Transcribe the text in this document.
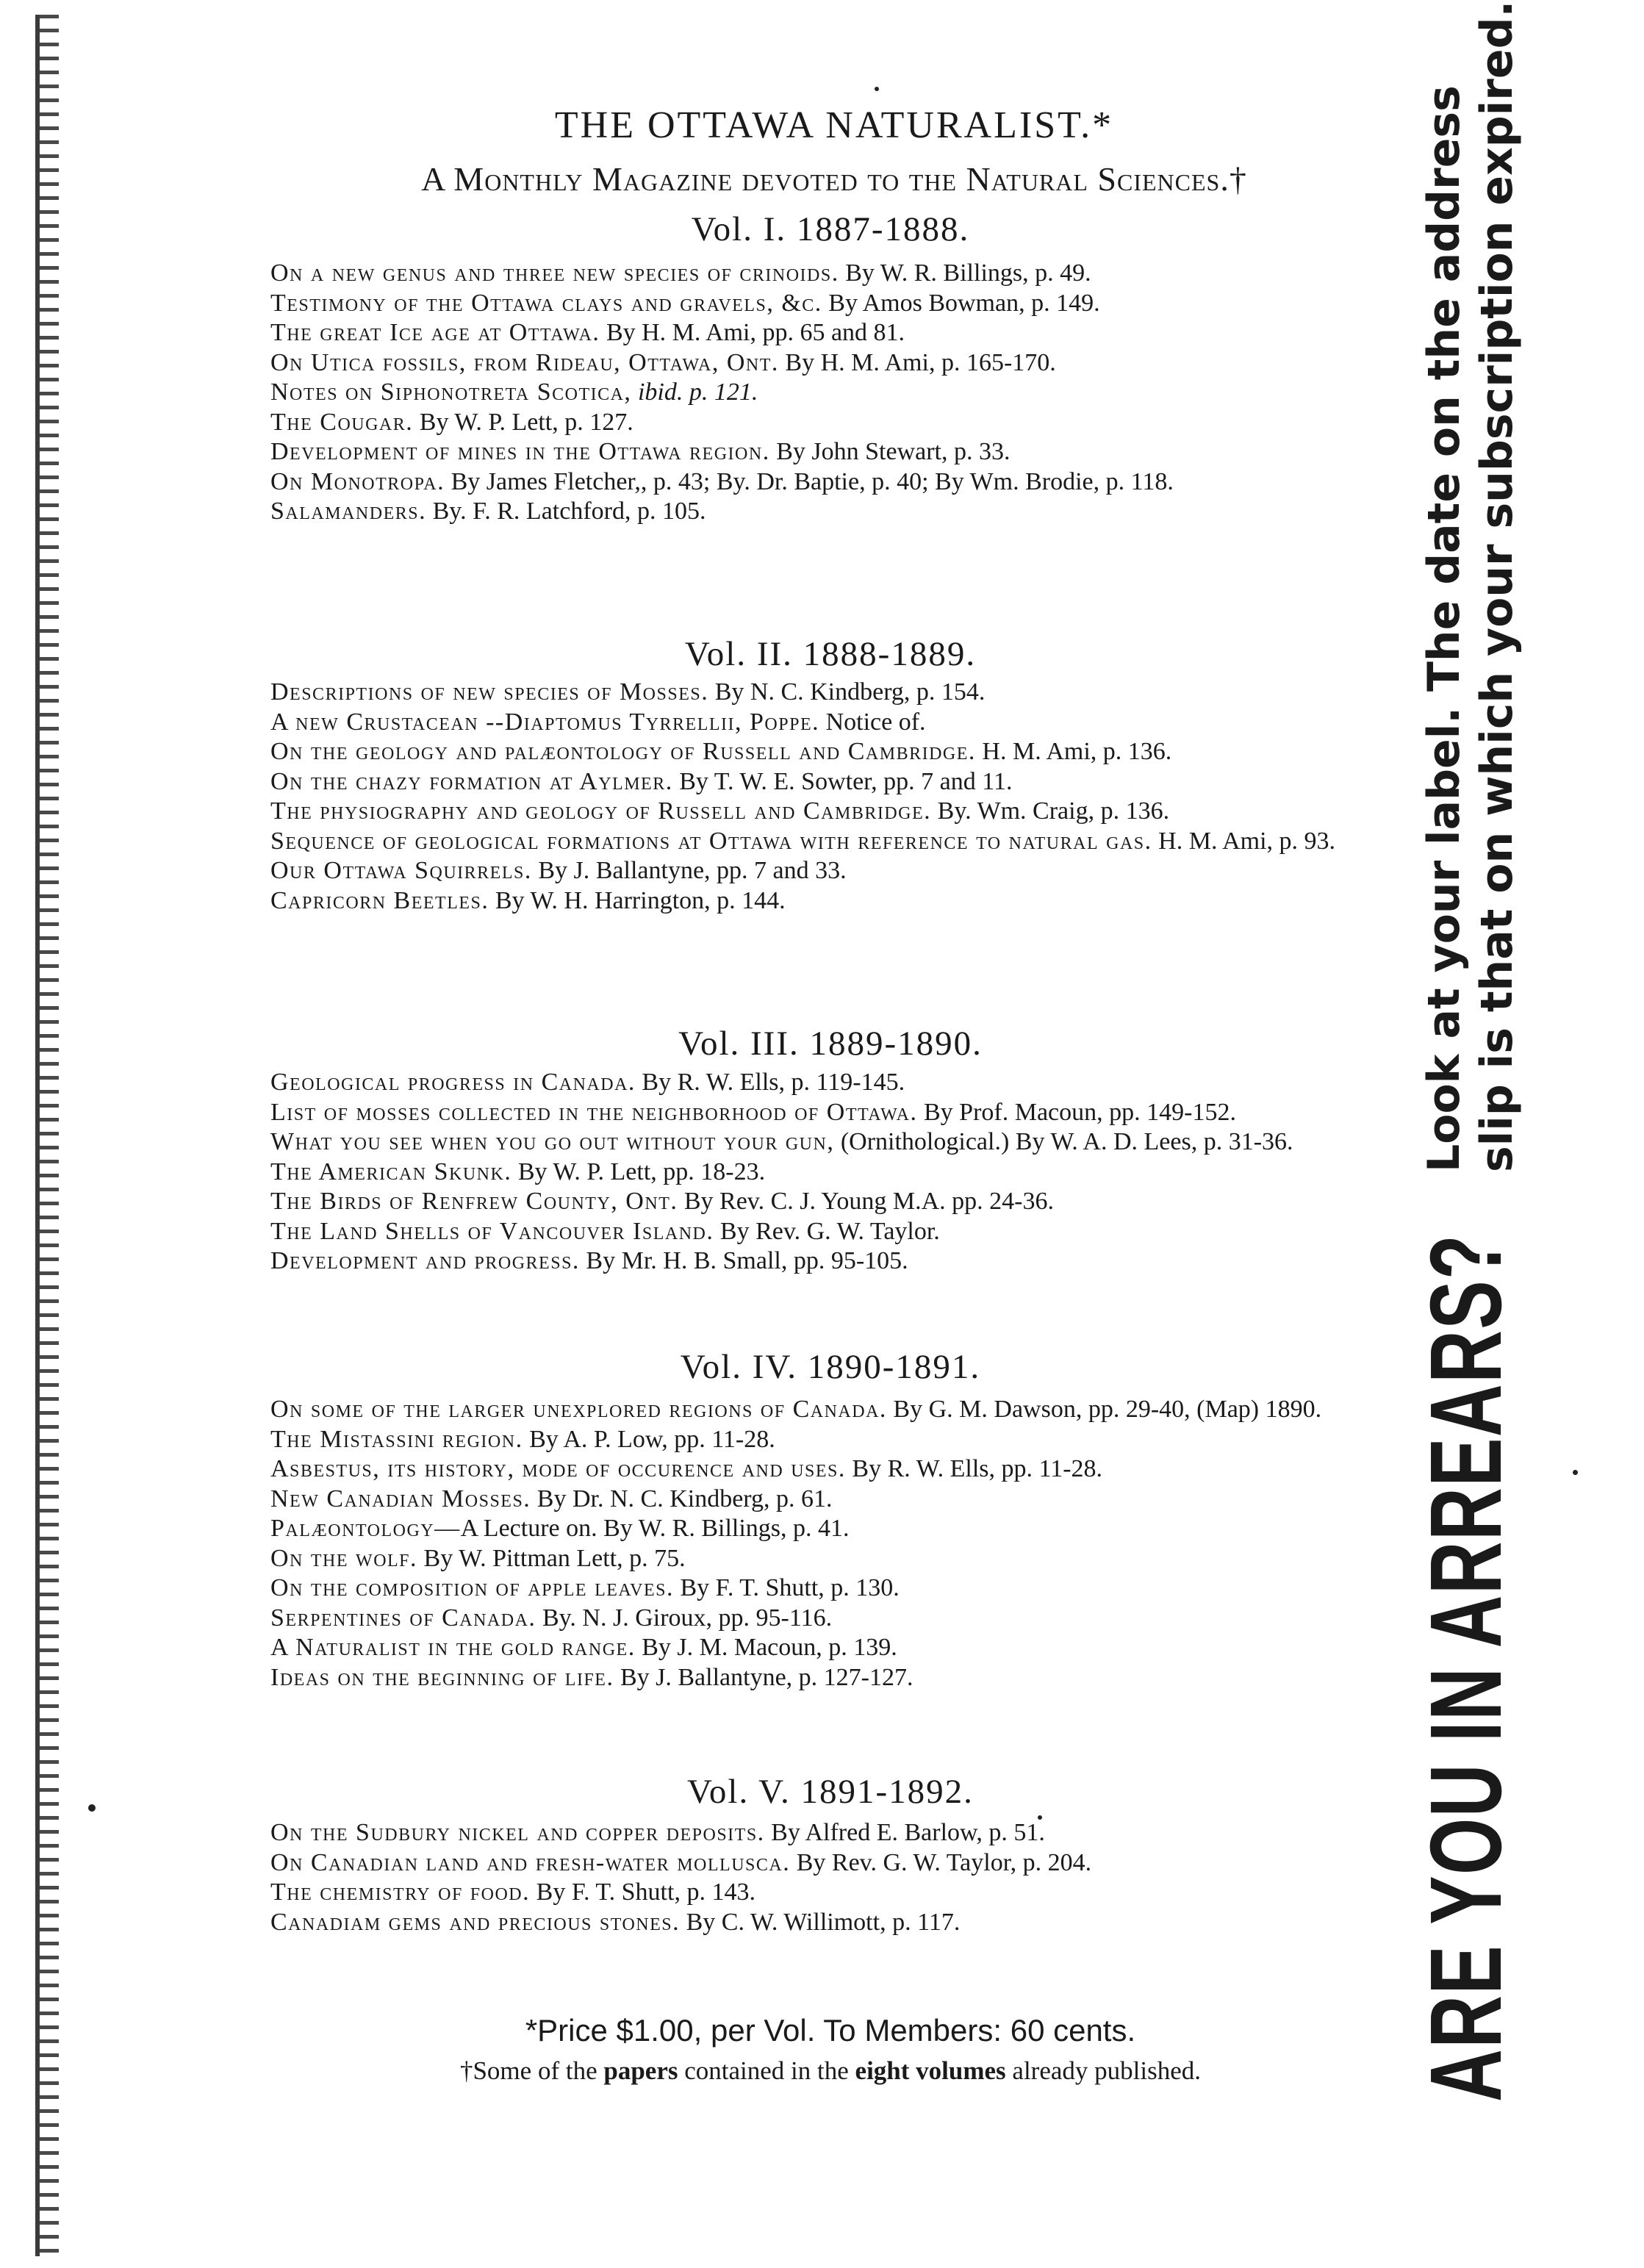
THE OTTAWA NATURALIST.*

A Monthly Magazine devoted to the Natural Sciences.†

Vol. I. 1887-1888.
On a new genus and three new species of crinoids. By W. R. Billings, p. 49.
Testimony of the Ottawa clays and gravels, &c. By Amos Bowman, p. 149.
The great Ice age at Ottawa. By H. M. Ami, pp. 65 and 81.
On Utica fossils, from Rideau, Ottawa, Ont. By H. M. Ami, p. 165-170.
Notes on Siphonotreta Scotica, ibid. p. 121.
The Cougar. By W. P. Lett, p. 127.
Development of mines in the Ottawa region. By John Stewart, p. 33.
On Monotropa. By James Fletcher,, p. 43; By. Dr. Baptie, p. 40; By Wm. Brodie, p. 118.
Salamanders. By. F. R. Latchford, p. 105.
Vol. II. 1888-1889.
Descriptions of new species of Mosses. By N. C. Kindberg, p. 154.
A new Crustacean --Diaptomus Tyrrellii, Poppe. Notice of.
On the geology and palæontology of Russell and Cambridge. H. M. Ami, p. 136.
On the chazy formation at Aylmer. By T. W. E. Sowter, pp. 7 and 11.
The physiography and geology of Russell and Cambridge. By. Wm. Craig, p. 136.
Sequence of geological formations at Ottawa with reference to natural gas. H. M. Ami, p. 93.
Our Ottawa Squirrels. By J. Ballantyne, pp. 7 and 33.
Capricorn Beetles. By W. H. Harrington, p. 144.
Vol. III. 1889-1890.
Geological progress in Canada. By R. W. Ells, p. 119-145.
List of mosses collected in the neighborhood of Ottawa. By Prof. Macoun, pp. 149-152.
What you see when you go out without your gun, (Ornithological.) By W. A. D. Lees, p. 31-36.
The American Skunk. By W. P. Lett, pp. 18-23.
The Birds of Renfrew County, Ont. By Rev. C. J. Young M.A. pp. 24-36.
The Land Shells of Vancouver Island. By Rev. G. W. Taylor.
Development and progress. By Mr. H. B. Small, pp. 95-105.
Vol. IV. 1890-1891.
On some of the larger unexplored regions of Canada. By G. M. Dawson, pp. 29-40, (Map) 1890.
The Mistassini region. By A. P. Low, pp. 11-28.
Asbestus, its history, mode of occurence and uses. By R. W. Ells, pp. 11-28.
New Canadian Mosses. By Dr. N. C. Kindberg, p. 61.
Palæontology—A Lecture on. By W. R. Billings, p. 41.
On the wolf. By W. Pittman Lett, p. 75.
On the composition of apple leaves. By F. T. Shutt, p. 130.
Serpentines of Canada. By. N. J. Giroux, pp. 95-116.
A Naturalist in the gold range. By J. M. Macoun, p. 139.
Ideas on the beginning of life. By J. Ballantyne, p. 127-127.
Vol. V. 1891-1892.
On the Sudbury nickel and copper deposits. By Alfred E. Barlow, p. 51.
On Canadian land and fresh-water mollusca. By Rev. G. W. Taylor, p. 204.
The chemistry of food. By F. T. Shutt, p. 143.
Canadiam gems and precious stones. By C. W. Willimott, p. 117.

*Price $1.00, per Vol. To Members: 60 cents.

†Some of the papers contained in the eight volumes already published.	ARE YOU IN ARREARS?
Look at your label. The date on the address slip is that on which your subscription expired.
